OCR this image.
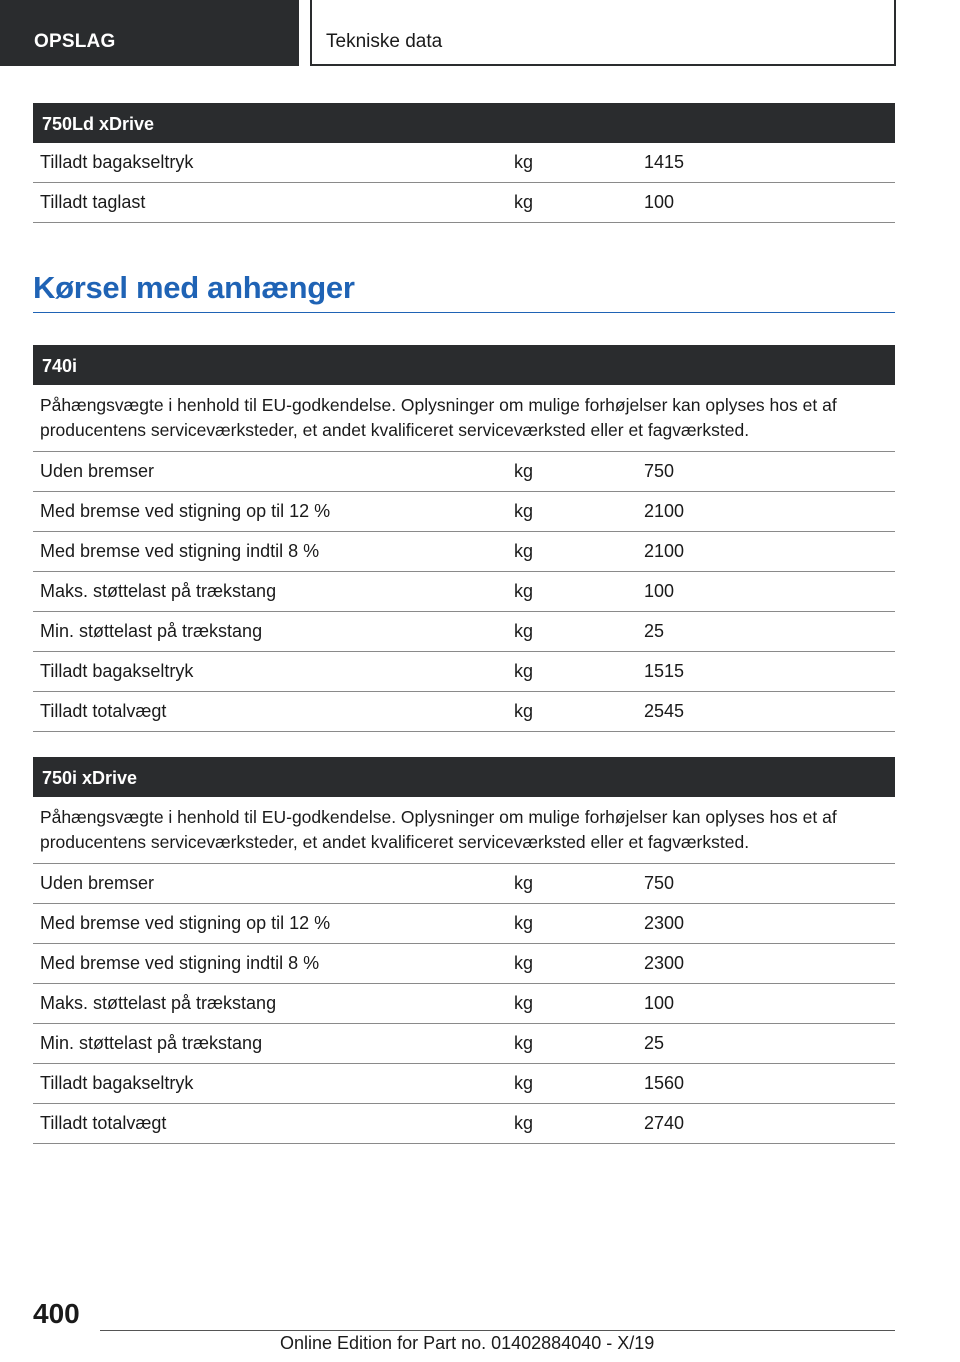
OPSLAG	Tekniske data
750Ld xDrive
Tilladt bagakseltryk	kg	1415
Tilladt taglast	kg	100
Kørsel med anhænger
740i
Påhængsvægte i henhold til EU-godkendelse. Oplysninger om mulige forhøjelser kan oplyses hos et af producentens serviceværksteder, et andet kvalificeret serviceværksted eller et fagværksted.
Uden bremser	kg	750
Med bremse ved stigning op til 12 %	kg	2100
Med bremse ved stigning indtil 8 %	kg	2100
Maks. støttelast på trækstang	kg	100
Min. støttelast på trækstang	kg	25
Tilladt bagakseltryk	kg	1515
Tilladt totalvægt	kg	2545
750i xDrive
Påhængsvægte i henhold til EU-godkendelse. Oplysninger om mulige forhøjelser kan oplyses hos et af producentens serviceværksteder, et andet kvalificeret serviceværksted eller et fagværksted.
Uden bremser	kg	750
Med bremse ved stigning op til 12 %	kg	2300
Med bremse ved stigning indtil 8 %	kg	2300
Maks. støttelast på trækstang	kg	100
Min. støttelast på trækstang	kg	25
Tilladt bagakseltryk	kg	1560
Tilladt totalvægt	kg	2740
400
Online Edition for Part no. 01402884040 - X/19
